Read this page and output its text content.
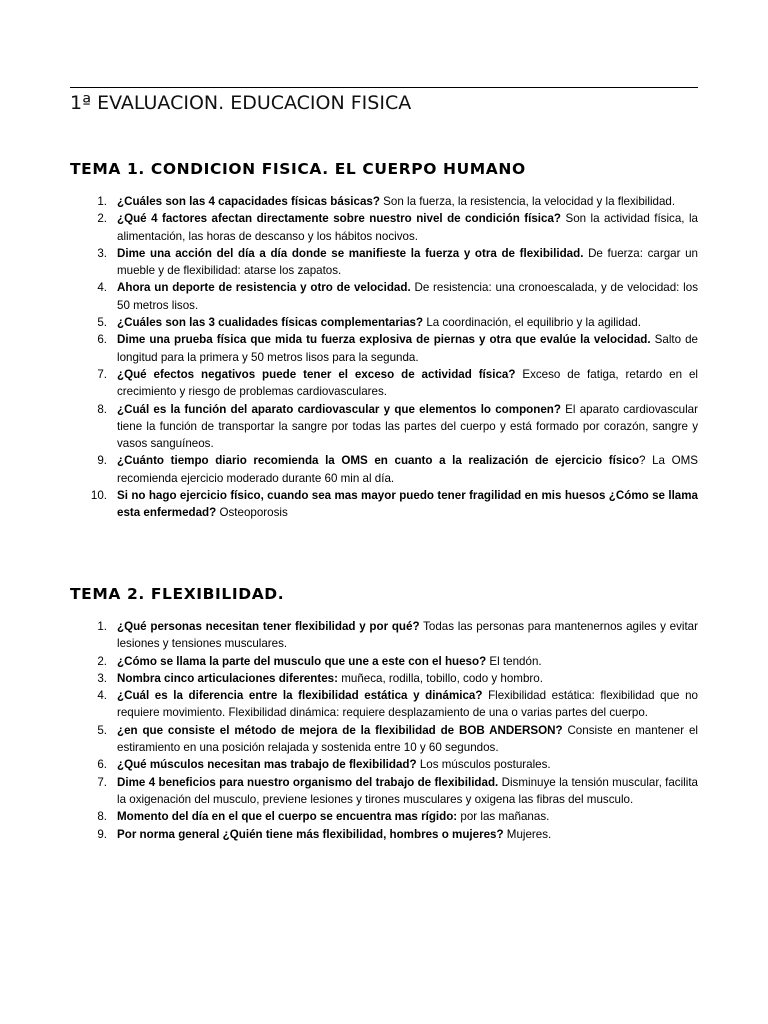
1ª EVALUACION. EDUCACION FISICA
TEMA 1. CONDICION FISICA. EL CUERPO HUMANO
1. ¿Cuáles son las 4 capacidades físicas básicas? Son la fuerza, la resistencia, la velocidad y la flexibilidad.
2. ¿Qué 4 factores afectan directamente sobre nuestro nivel de condición física? Son la actividad física, la alimentación, las horas de descanso y los hábitos nocivos.
3. Dime una acción del día a día donde se manifieste la fuerza y otra de flexibilidad. De fuerza: cargar un mueble y de flexibilidad: atarse los zapatos.
4. Ahora un deporte de resistencia y otro de velocidad. De resistencia: una cronoescalada, y de velocidad: los 50 metros lisos.
5. ¿Cuáles son las 3 cualidades físicas complementarias? La coordinación, el equilibrio y la agilidad.
6. Dime una prueba física que mida tu fuerza explosiva de piernas y otra que evalúe la velocidad. Salto de longitud para la primera y 50 metros lisos para la segunda.
7. ¿Qué efectos negativos puede tener el exceso de actividad física? Exceso de fatiga, retardo en el crecimiento y riesgo de problemas cardiovasculares.
8. ¿Cuál es la función del aparato cardiovascular y que elementos lo componen? El aparato cardiovascular tiene la función de transportar la sangre por todas las partes del cuerpo y está formado por corazón, sangre y vasos sanguíneos.
9. ¿Cuánto tiempo diario recomienda la OMS en cuanto a la realización de ejercicio físico? La OMS recomienda ejercicio moderado durante 60 min al día.
10. Si no hago ejercicio físico, cuando sea mas mayor puedo tener fragilidad en mis huesos ¿Cómo se llama esta enfermedad? Osteoporosis
TEMA 2. FLEXIBILIDAD.
1. ¿Qué personas necesitan tener flexibilidad y por qué? Todas las personas para mantenernos agiles y evitar lesiones y tensiones musculares.
2. ¿Cómo se llama la parte del musculo que une a este con el hueso? El tendón.
3. Nombra cinco articulaciones diferentes: muñeca, rodilla, tobillo, codo y hombro.
4. ¿Cuál es la diferencia entre la flexibilidad estática y dinámica? Flexibilidad estática: flexibilidad que no requiere movimiento. Flexibilidad dinámica: requiere desplazamiento de una o varias partes del cuerpo.
5. ¿en que consiste el método de mejora de la flexibilidad de BOB ANDERSON? Consiste en mantener el estiramiento en una posición relajada y sostenida entre 10 y 60 segundos.
6. ¿Qué músculos necesitan mas trabajo de flexibilidad? Los músculos posturales.
7. Dime 4 beneficios para nuestro organismo del trabajo de flexibilidad. Disminuye la tensión muscular, facilita la oxigenación del musculo, previene lesiones y tirones musculares y oxigena las fibras del musculo.
8. Momento del día en el que el cuerpo se encuentra mas rígido: por las mañanas.
9. Por norma general ¿Quién tiene más flexibilidad, hombres o mujeres? Mujeres.
